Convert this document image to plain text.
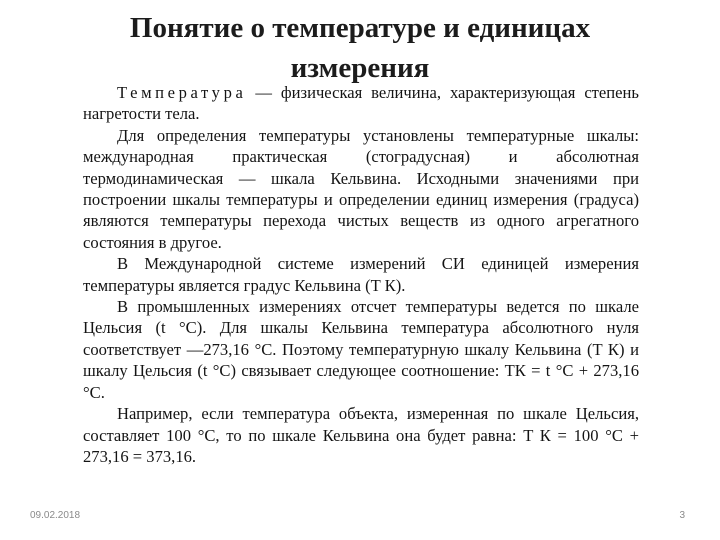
Понятие о температуре и единицах
измерения

Температура — физическая величина, характеризующая степень нагретости тела.

Для определения температуры установлены температурные шкалы: международная практическая (стоградусная) и абсолютная термодинамическая — шкала Кельвина. Исходными значениями при построении шкалы температуры и определении единиц измерения (градуса) являются температуры перехода чистых веществ из одного агрегатного состояния в другое.

В Международной системе измерений СИ единицей измерения температуры является градус Кельвина (T К).

В промышленных измерениях отсчет температуры ведется по шкале Цельсия (t °С). Для шкалы Кельвина температура абсолютного нуля соответствует —273,16 °С. Поэтому температурную шкалу Кельвина (T К) и шкалу Цельсия (t °С) связывает следующее соотношение: TК = t °С + 273,16 °С.

Например, если температура объекта, измеренная по шкале Цельсия, составляет 100 °С, то по шкале Кельвина она будет равна: T К = 100 °С + 273,16 = 373,16.

09.02.2018	3
